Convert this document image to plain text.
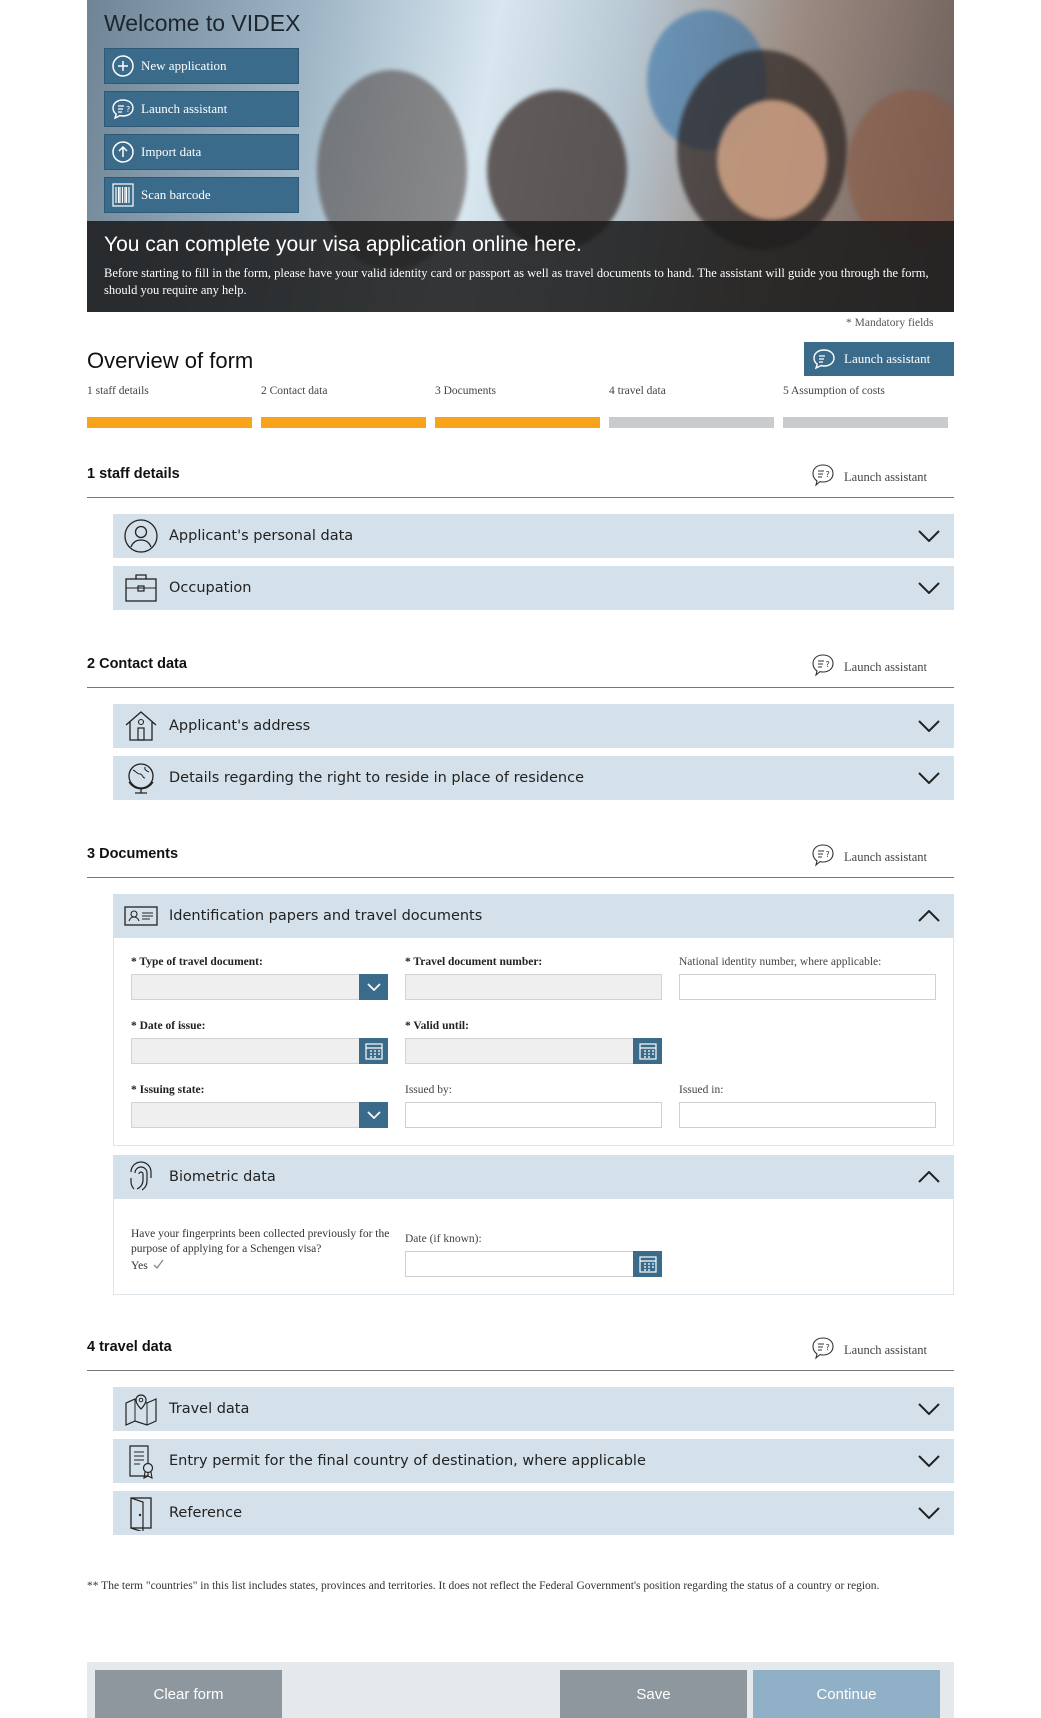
Welcome to VIDEX
New application
? Launch assistant
Import data
Scan barcode
You can complete your visa application online here.

Before starting to fill in the form, please have your valid identity card or passport as well as travel documents to hand. The assistant will guide you through the form, should you require any help.

* Mandatory fields
Overview of form	Launch assistant
1 staff details	2 Contact data	3 Documents	4 travel data	5 Assumption of costs
1 staff details	? Launch assistant
Applicant's personal data
Occupation
2 Contact data	? Launch assistant
Applicant's address
Details regarding the right to reside in place of residence
3 Documents	? Launch assistant
Identification papers and travel documents
* Type of travel document:	* Travel document number:	National identity number, where applicable:
* Date of issue:	* Valid until:
* Issuing state:	Issued by:	Issued in:
Biometric data
Have your fingerprints been collected previously for the purpose of applying for a Schengen visa?
Yes
Date (if known):
4 travel data	? Launch assistant
Travel data
Entry permit for the final country of destination, where applicable
Reference
** The term "countries" in this list includes states, provinces and territories. It does not reflect the Federal Government's position regarding the status of a country or region.
Clear form	Save	Continue
